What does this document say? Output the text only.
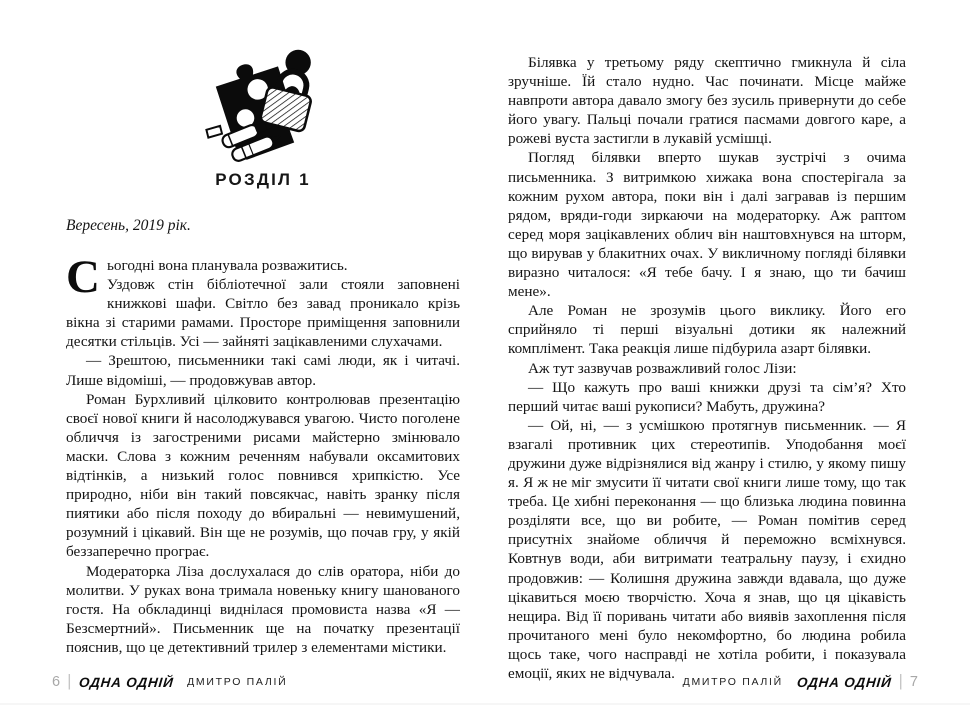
РОЗДІЛ 1
Вересень, 2019 рік.
С ьогодні вона планувала розважитись.

Уздовж стін бібліотечної зали стояли заповнені книжкові шафи. Світло без завад проникало крізь вікна зі старими рамами. Просторе приміщення заповнили десятки стільців. Усі — зайняті зацікавленими слухачами.

— Зрештою, письменники такі самі люди, як і читачі. Лише відоміші, — продовжував автор.

Роман Бурхливий цілковито контролював презентацію своєї нової книги й насолоджувався увагою. Чисто поголене обличчя із загостреними рисами майстерно змінювало маски. Слова з кожним реченням набували оксамитових відтінків, а низький голос повнився хрипкістю. Усе природно, ніби він такий повсякчас, навіть зранку після пиятики або після походу до вбиральні — невимушений, розумний і цікавий. Він ще не розумів, що почав гру, у якій беззаперечно програє.

Модераторка Ліза дослухалася до слів оратора, ніби до молитви. У руках вона тримала новеньку книгу шанованого гостя. На обкладинці виднілася промовиста назва «Я — Безсмертний». Письменник ще на початку презентації пояснив, що це детективний трилер з елементами містики.

Білявка у третьому ряду скептично гмикнула й сіла зручніше. Їй стало нудно. Час починати. Місце майже навпроти автора давало змогу без зусиль привернути до себе його увагу. Пальці почали гратися пасмами довгого каре, а рожеві вуста застигли в лукавій усмішці.

Погляд білявки вперто шукав зустрічі з очима письменника. З витримкою хижака вона спостерігала за кожним рухом автора, поки він і далі загравав із першим рядом, вряди-годи зиркаючи на модераторку. Аж раптом серед моря зацікавлених облич він наштовхнувся на шторм, що вирував у блакитних очах. У викличному погляді білявки виразно читалося: «Я тебе бачу. І я знаю, що ти бачиш мене».

Але Роман не зрозумів цього виклику. Його его сприйняло ті перші візуальні дотики як належний комплімент. Така реакція лише підбурила азарт білявки.

Аж тут зазвучав розважливий голос Лізи:

— Що кажуть про ваші книжки друзі та сім’я? Хто перший читає ваші рукописи? Мабуть, дружина?

— Ой, ні, — з усмішкою протягнув письменник. — Я взагалі противник цих стереотипів. Уподобання моєї дружини дуже відрізнялися від жанру і стилю, у якому пишу я. Я ж не міг змусити її читати свої книги лише тому, що так треба. Це хибні переконання — що близька людина повинна розділяти все, що ви робите, — Роман помітив серед присутніх знайоме обличчя й переможно всміхнувся. Ковтнув води, аби витримати театральну паузу, і єхидно продовжив: — Колишня дружина завжди вдавала, що дуже цікавиться моєю творчістю. Хоча я знав, що ця цікавість нещира. Від її поривань читати або виявів захоплення після прочитаного мені було некомфортно, бо людина робила щось таке, чого насправді не хотіла робити, і показувала емоції, яких не відчувала.

6 | ОДНА ОДНІЙ ДМИТРО ПАЛІЙ	ДМИТРО ПАЛІЙ ОДНА ОДНІЙ | 7
